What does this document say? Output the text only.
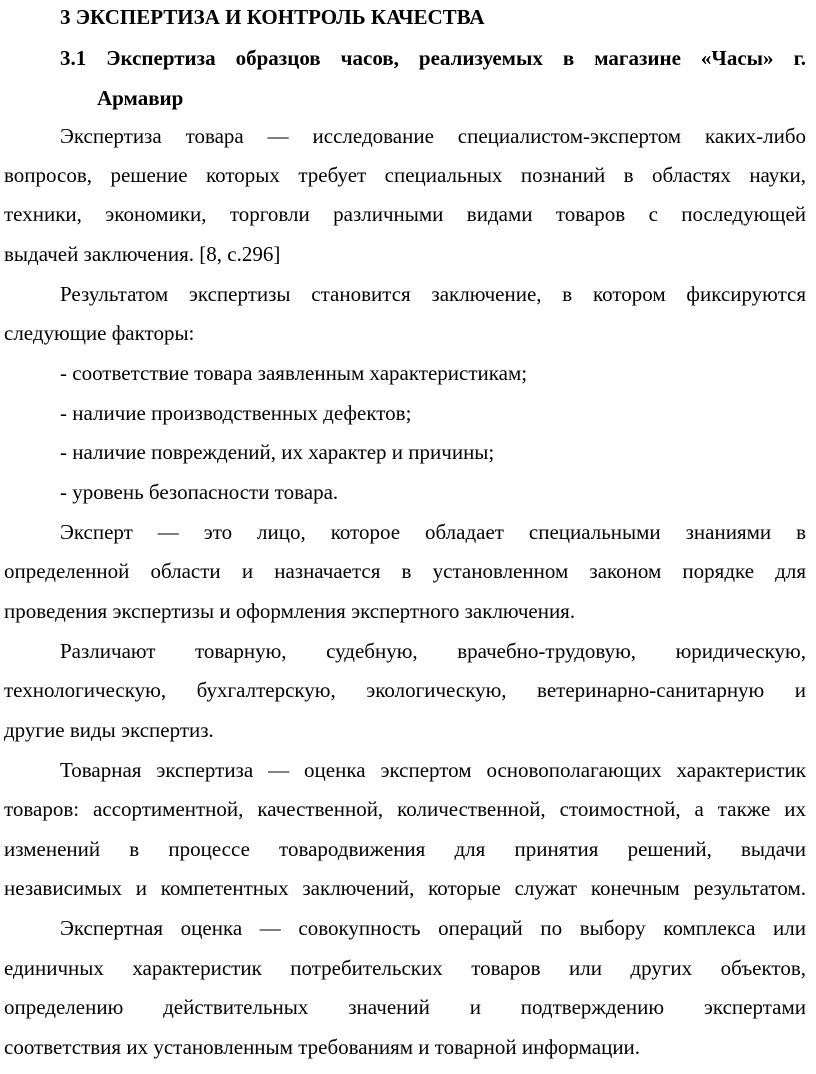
3 ЭКСПЕРТИЗА И КОНТРОЛЬ КАЧЕСТВА
3.1 Экспертиза образцов часов, реализуемых в магазине «Часы» г.
Армавир
Экспертиза товара — исследование специалистом-экспертом каких-либо
вопросов, решение которых требует специальных познаний в областях науки,
техники, экономики, торговли различными видами товаров с последующей
выдачей заключения. [8, с.296]
Результатом экспертизы становится заключение, в котором фиксируются
следующие факторы:
- соответствие товара заявленным характеристикам;
- наличие производственных дефектов;
- наличие повреждений, их характер и причины;
- уровень безопасности товара.
Эксперт — это лицо, которое обладает специальными знаниями в
определенной области и назначается в установленном законом порядке для
проведения экспертизы и оформления экспертного заключения.
Различают товарную, судебную, врачебно-трудовую, юридическую,
технологическую, бухгалтерскую, экологическую, ветеринарно-санитарную и
другие виды экспертиз.
Товарная экспертиза — оценка экспертом основополагающих характеристик
товаров: ассортиментной, качественной, количественной, стоимостной, а также их
изменений в процессе товародвижения для принятия решений, выдачи
независимых и компетентных заключений, которые служат конечным результатом.
Экспертная оценка — совокупность операций по выбору комплекса или
единичных характеристик потребительских товаров или других объектов,
определению действительных значений и подтверждению экспертами
соответствия их установленным требованиям и товарной информации.
